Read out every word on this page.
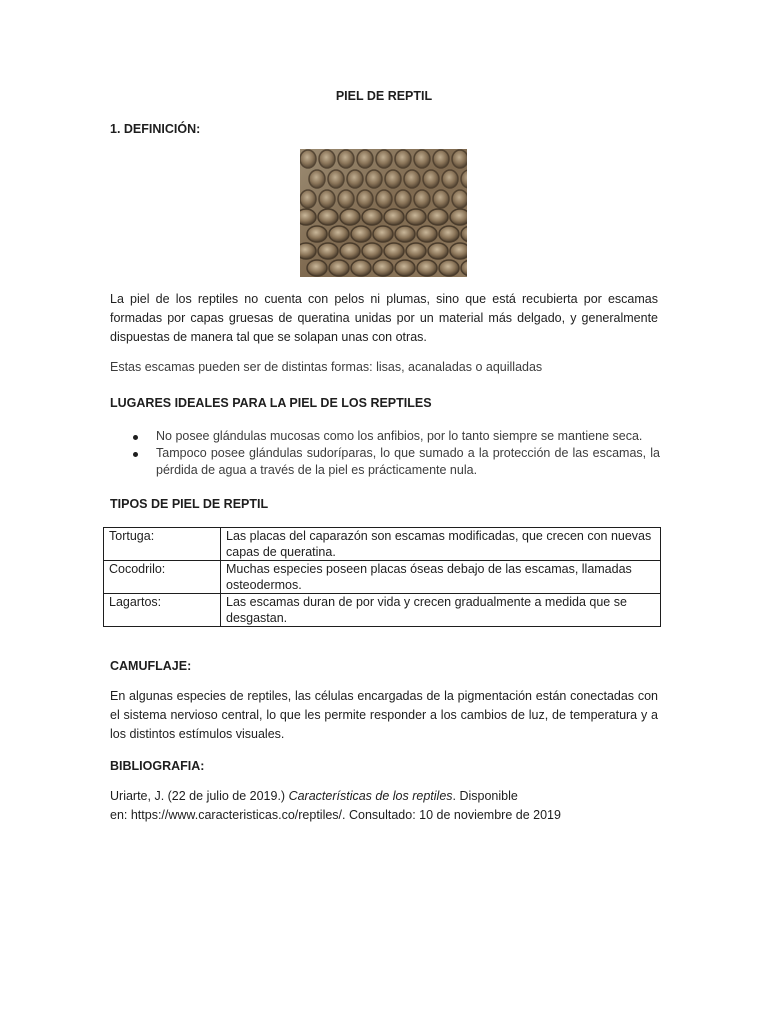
PIEL DE REPTIL
1. DEFINICIÓN:
La piel de los reptiles no cuenta con pelos ni plumas, sino que está recubierta por escamas formadas por capas gruesas de queratina unidas por un material más delgado, y generalmente dispuestas de manera tal que se solapan unas con otras.
Estas escamas pueden ser de distintas formas: lisas, acanaladas o aquilladas
LUGARES IDEALES PARA LA PIEL DE LOS REPTILES
No posee glándulas mucosas como los anfibios, por lo tanto siempre se mantiene seca.
Tampoco posee glándulas sudoríparas, lo que sumado a la protección de las escamas, la pérdida de agua a través de la piel es prácticamente nula.
TIPOS DE PIEL DE REPTIL
Tortuga:	Las placas del caparazón son escamas modificadas, que crecen con nuevas capas de queratina.
Cocodrilo:	Muchas especies poseen placas óseas debajo de las escamas, llamadas osteodermos.
Lagartos:	Las escamas duran de por vida y crecen gradualmente a medida que se desgastan.
CAMUFLAJE:
En algunas especies de reptiles, las células encargadas de la pigmentación están conectadas con el sistema nervioso central, lo que les permite responder a los cambios de luz, de temperatura y a los distintos estímulos visuales.
BIBLIOGRAFIA:
Uriarte, J. (22 de julio de 2019.) Características de los reptiles. Disponible
en: https://www.caracteristicas.co/reptiles/. Consultado: 10 de noviembre de 2019
